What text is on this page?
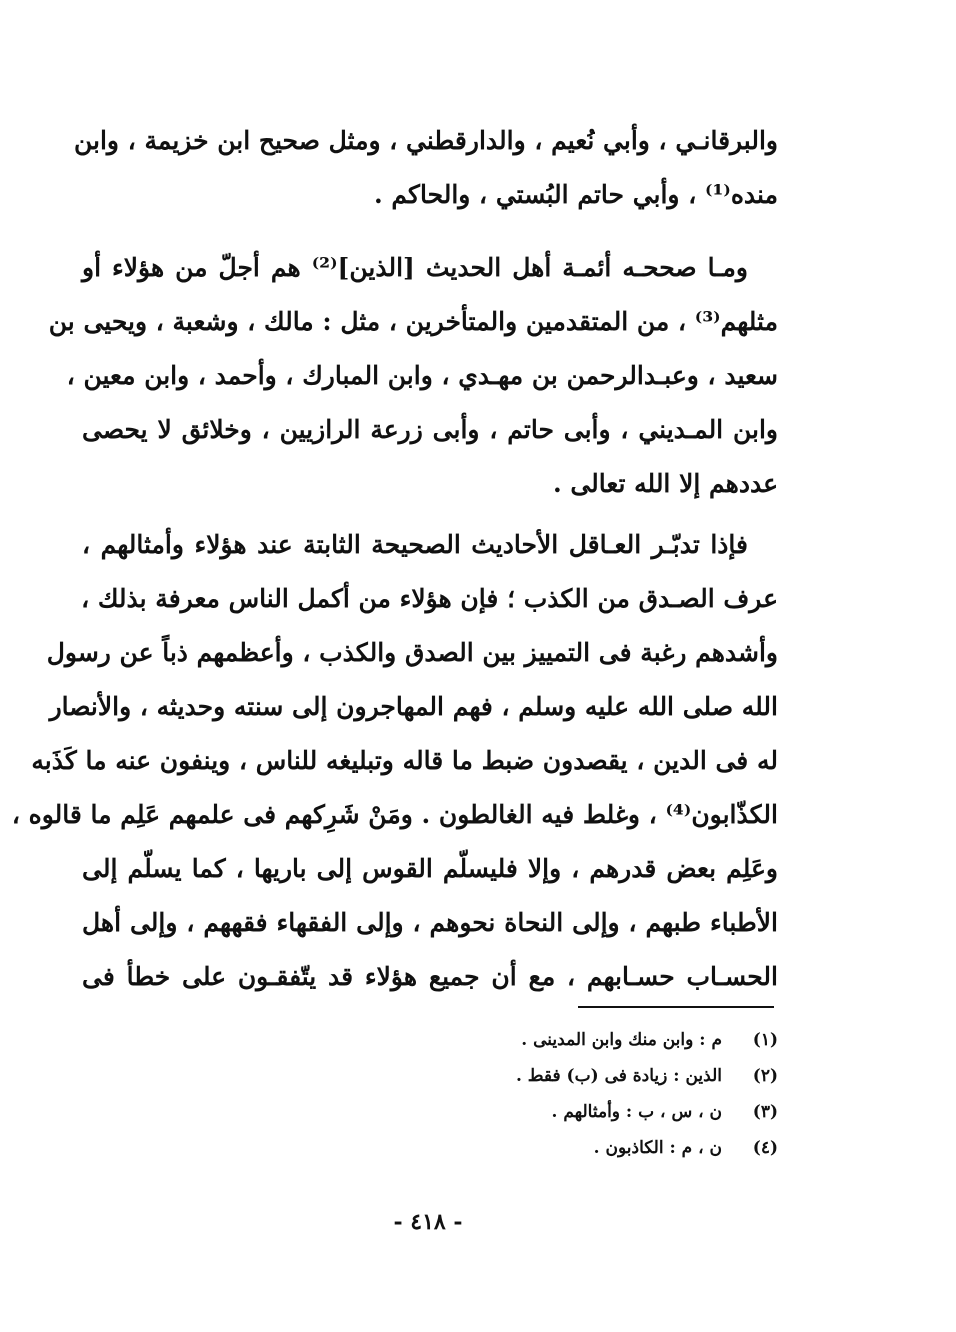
والبرقانـي ، وأبي نُعيم ، والدارقطني ، ومثل صحيح ابن خزيمة ، وابن
منده⁽¹⁾ ، وأبي حاتم البُستي ، والحاكم .
ومـا صححـه أئمـة أهل الحديث [الذين]⁽²⁾ هم أجلّ من هؤلاء أو
مثلهم⁽³⁾ ، من المتقدمين والمتأخرين ، مثل : مالك ، وشعبة ، ويحيى بن
سعيد ، وعبـدالرحمن بن مهـدي ، وابن المبارك ، وأحمد ، وابن معين ،
وابن المـديني ، وأبى حاتم ، وأبى زرعة الرازيين ، وخلائق لا يحصى
عددهم إلا الله تعالى .
فإذا تدبّـر العـاقل الأحاديث الصحيحة الثابتة عند هؤلاء وأمثالهم ،
عرف الصـدق من الكذب ؛ فإن هؤلاء من أكمل الناس معرفة بذلك ،
وأشدهم رغبة فى التمييز بين الصدق والكذب ، وأعظمهم ذباً عن رسول
الله صلى الله عليه وسلم ، فهم المهاجرون إلى سنته وحديثه ، والأنصار
له فى الدين ، يقصدون ضبط ما قاله وتبليغه للناس ، وينفون عنه ما كَذَبه
الكذّابون⁽⁴⁾ ، وغلط فيه الغالطون . ومَنْ شَرِكهم فى علمهم عَلِم ما قالوه ،
وعَلِم بعض قدرهم ، وإلا فليسلّم القوس إلى باريها ، كما يسلّم إلى
الأطباء طبهم ، وإلى النحاة نحوهم ، وإلى الفقهاء فقههم ، وإلى أهل
الحسـاب حسـابهم ، مع أن جميع هؤلاء قد يتّفقـون على خطأ فى
(١)
م : وابن منك وابن المدينى .
(٢)
الذين : زيادة فى (ب) فقط .
(٣)
ن ، س ، ب : وأمثالهم .
(٤)
ن ، م : الكاذبون .
- ٤١٨ -
